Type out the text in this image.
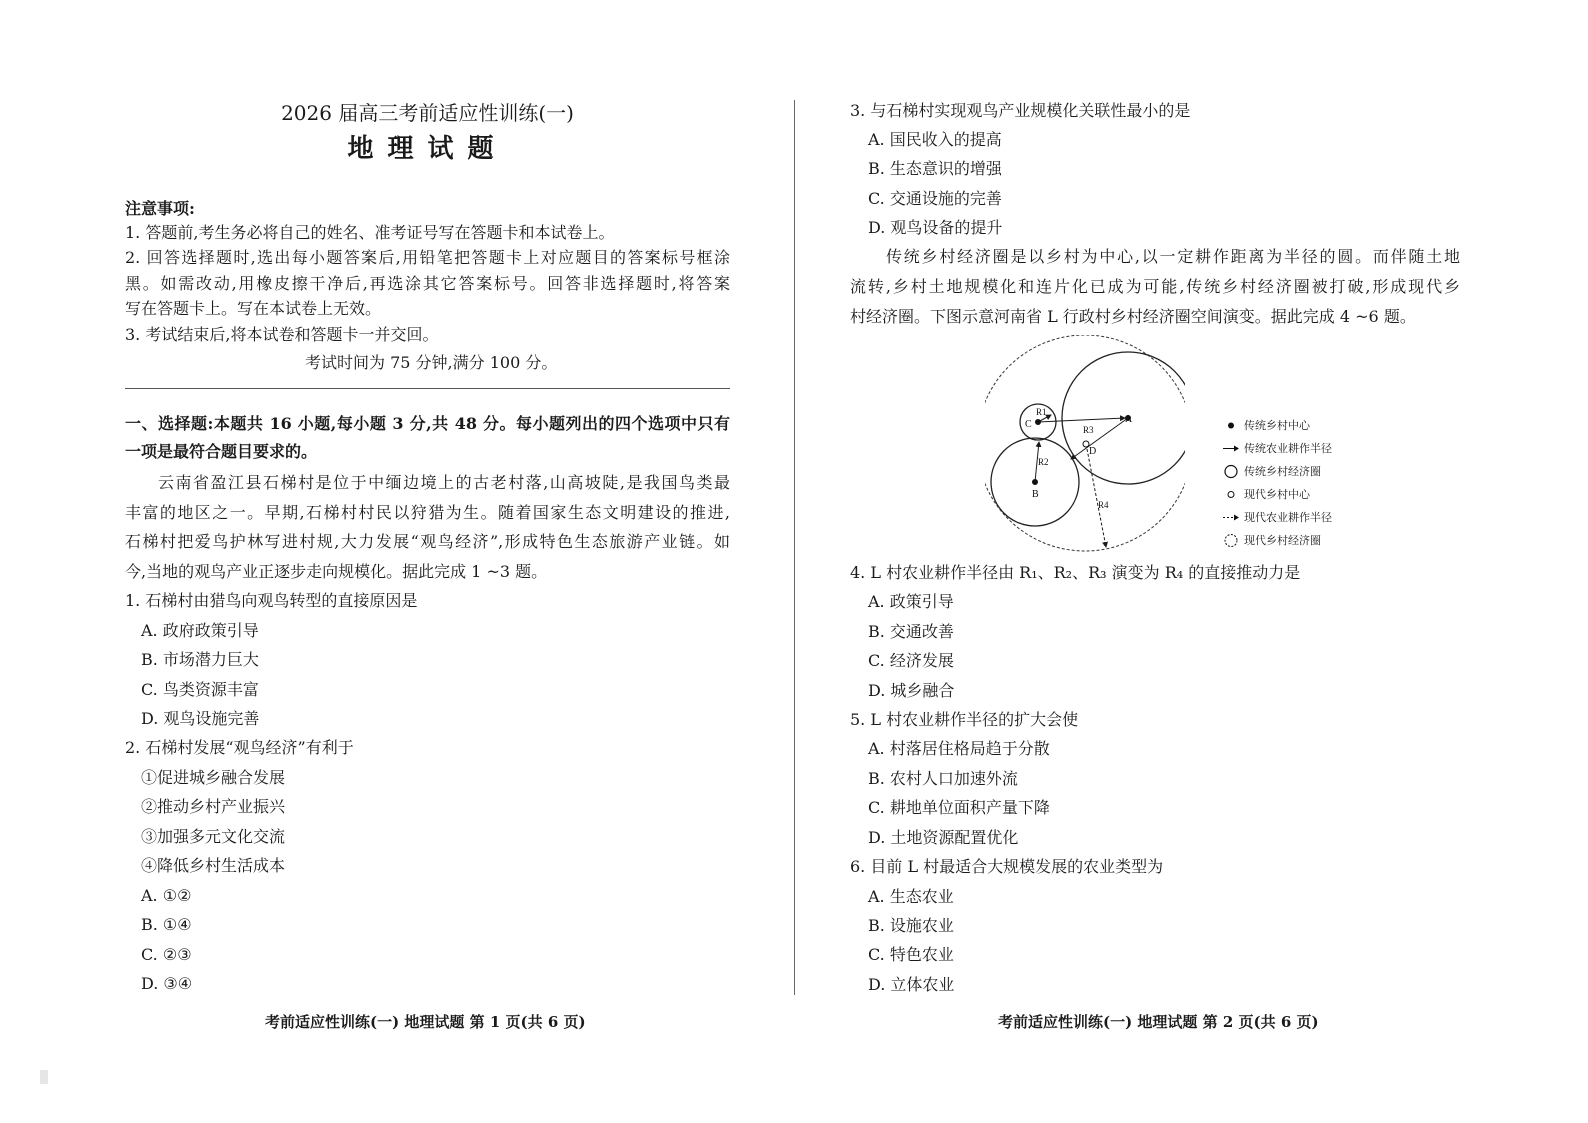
2026 届高三考前适应性训练(一)
地理试题
注意事项:
1. 答题前,考生务必将自己的姓名、准考证号写在答题卡和本试卷上。
2. 回答选择题时,选出每小题答案后,用铅笔把答题卡上对应题目的答案标号框涂
黑。如需改动,用橡皮擦干净后,再选涂其它答案标号。回答非选择题时,将答案
写在答题卡上。写在本试卷上无效。
3. 考试结束后,将本试卷和答题卡一并交回。
考试时间为 75 分钟,满分 100 分。
一、选择题:本题共 16 小题,每小题 3 分,共 48 分。每小题列出的四个选项中只有
一项是最符合题目要求的。
云南省盈江县石梯村是位于中缅边境上的古老村落,山高坡陡,是我国鸟类最
丰富的地区之一。早期,石梯村村民以狩猎为生。随着国家生态文明建设的推进,
石梯村把爱鸟护林写进村规,大力发展“观鸟经济”,形成特色生态旅游产业链。如
今,当地的观鸟产业正逐步走向规模化。据此完成 1 ~3 题。
1. 石梯村由猎鸟向观鸟转型的直接原因是
A. 政府政策引导
B. 市场潜力巨大
C. 鸟类资源丰富
D. 观鸟设施完善
2. 石梯村发展“观鸟经济”有利于
①促进城乡融合发展
②推动乡村产业振兴
③加强多元文化交流
④降低乡村生活成本
A. ①②
B. ①④
C. ②③
D. ③④
考前适应性训练(一) 地理试题 第 1 页(共 6 页)
3. 与石梯村实现观鸟产业规模化关联性最小的是
A. 国民收入的提高
B. 生态意识的增强
C. 交通设施的完善
D. 观鸟设备的提升
传统乡村经济圈是以乡村为中心,以一定耕作距离为半径的圆。而伴随土地
流转,乡村土地规模化和连片化已成为可能,传统乡村经济圈被打破,形成现代乡
村经济圈。下图示意河南省 L 行政村乡村经济圈空间演变。据此完成 4 ~6 题。
A
B
C
D
R1
R2
R3
R4
传统乡村中心
传统农业耕作半径
传统乡村经济圈
现代乡村中心
现代农业耕作半径
现代乡村经济圈
4. L 村农业耕作半径由 R₁、R₂、R₃ 演变为 R₄ 的直接推动力是
A. 政策引导
B. 交通改善
C. 经济发展
D. 城乡融合
5. L 村农业耕作半径的扩大会使
A. 村落居住格局趋于分散
B. 农村人口加速外流
C. 耕地单位面积产量下降
D. 土地资源配置优化
6. 目前 L 村最适合大规模发展的农业类型为
A. 生态农业
B. 设施农业
C. 特色农业
D. 立体农业
考前适应性训练(一) 地理试题 第 2 页(共 6 页)
